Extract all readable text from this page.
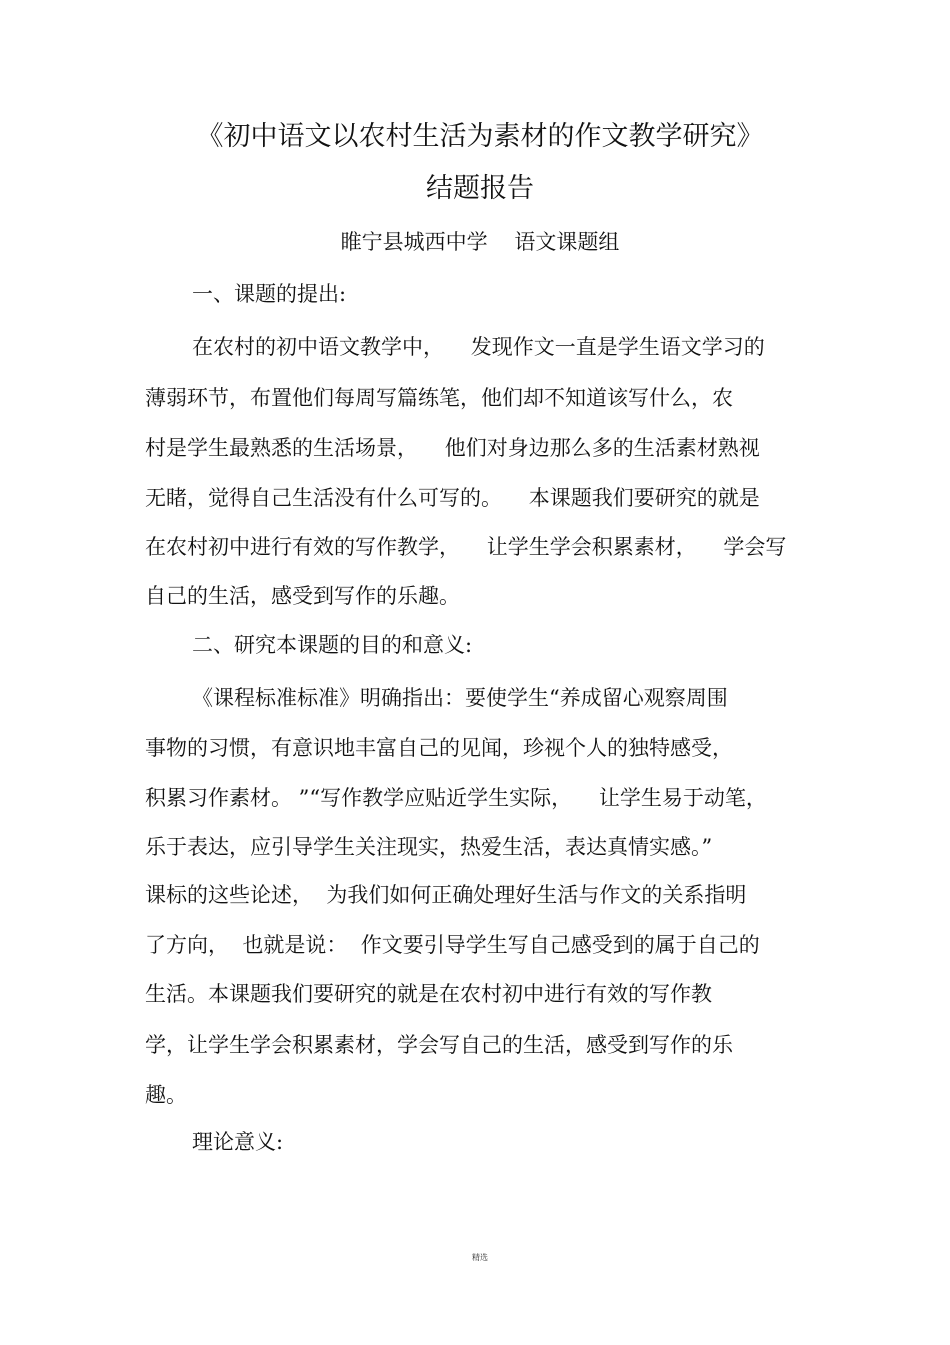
《初中语文以农村生活为素材的作文教学研究》
结题报告
睢宁县城西中学    语文课题组
一、课题的提出:
在农村的初中语文教学中，    发现作文一直是学生语文学习的
薄弱环节，布置他们每周写篇练笔，他们却不知道该写什么，农
村是学生最熟悉的生活场景，    他们对身边那么多的生活素材熟视
无睹，觉得自己生活没有什么可写的。    本课题我们要研究的就是
在农村初中进行有效的写作教学，    让学生学会积累素材，    学会写
自己的生活，感受到写作的乐趣。
二、研究本课题的目的和意义:
《课程标准标准》明确指出：要使学生“养成留心观察周围
事物的习惯，有意识地丰富自己的见闻，珍视个人的独特感受，
积累习作素材。 ”“写作教学应贴近学生实际，    让学生易于动笔，
乐于表达，应引导学生关注现实，热爱生活，表达真情实感。”
课标的这些论述，  为我们如何正确处理好生活与作文的关系指明
了方向，  也就是说：  作文要引导学生写自己感受到的属于自己的
生活。本课题我们要研究的就是在农村初中进行有效的写作教
学，让学生学会积累素材，学会写自己的生活，感受到写作的乐
趣。
理论意义:
精选
